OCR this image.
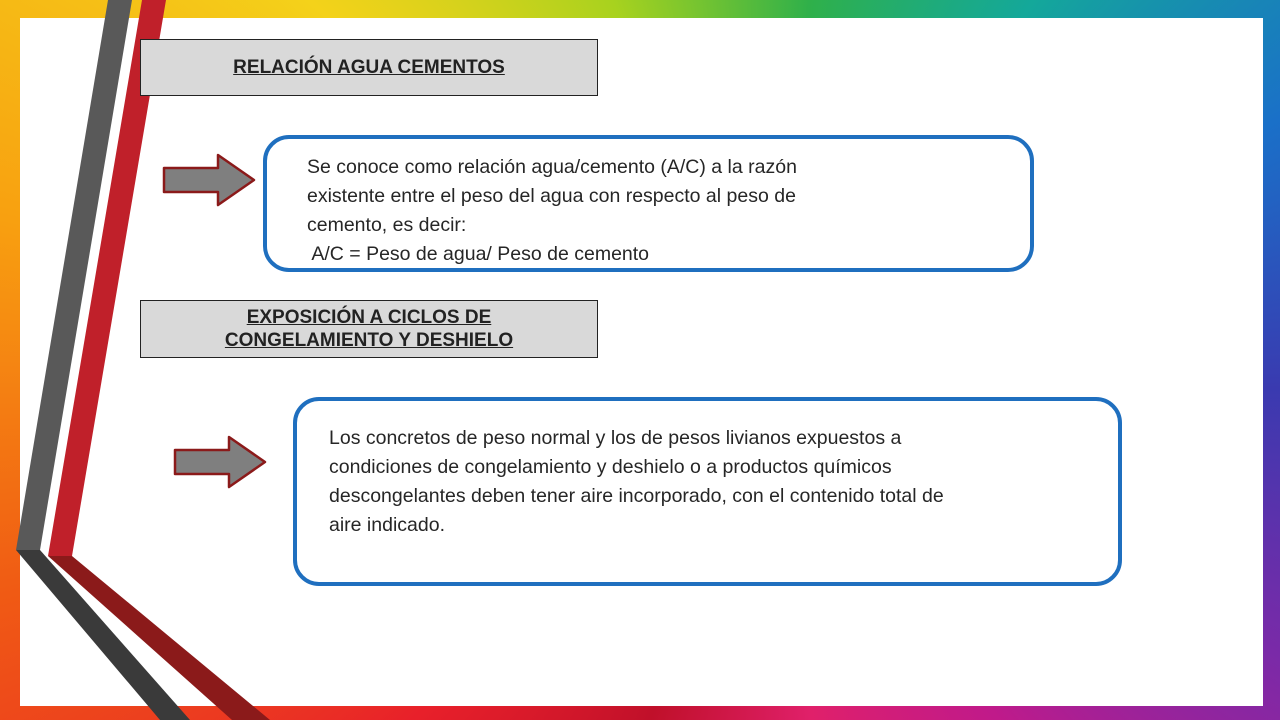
RELACIÓN AGUA CEMENTOS

Se conoce como relación agua/cemento (A/C) a la razón

existente entre el peso del agua con respecto al peso de

cemento, es decir:

A/C = Peso de agua/ Peso de cemento

EXPOSICIÓN A CICLOS DE
CONGELAMIENTO Y DESHIELO

Los concretos de peso normal y los de pesos livianos expuestos a

condiciones de congelamiento y deshielo o a productos químicos

descongelantes deben tener aire incorporado, con el contenido total de

aire indicado.
